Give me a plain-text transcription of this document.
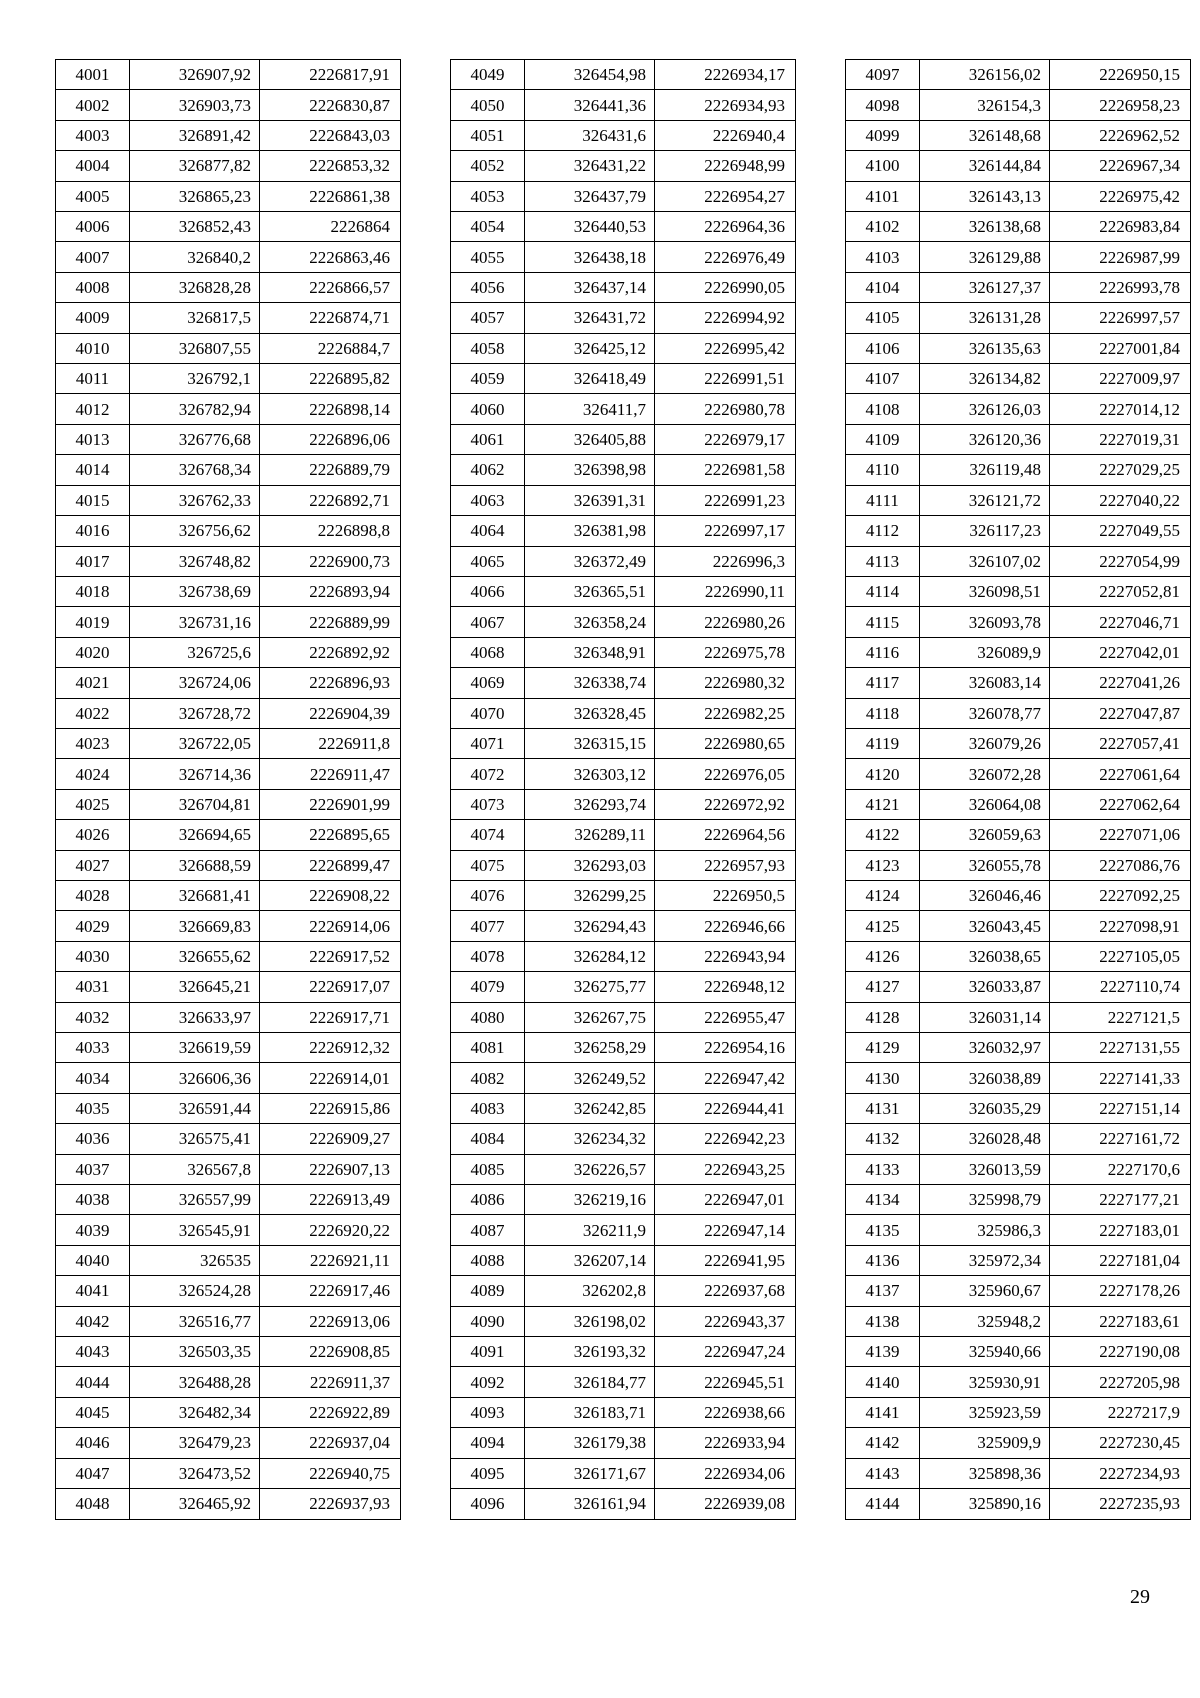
4001	326907,92	2226817,91
4002	326903,73	2226830,87
4003	326891,42	2226843,03
4004	326877,82	2226853,32
4005	326865,23	2226861,38
4006	326852,43	2226864
4007	326840,2	2226863,46
4008	326828,28	2226866,57
4009	326817,5	2226874,71
4010	326807,55	2226884,7
4011	326792,1	2226895,82
4012	326782,94	2226898,14
4013	326776,68	2226896,06
4014	326768,34	2226889,79
4015	326762,33	2226892,71
4016	326756,62	2226898,8
4017	326748,82	2226900,73
4018	326738,69	2226893,94
4019	326731,16	2226889,99
4020	326725,6	2226892,92
4021	326724,06	2226896,93
4022	326728,72	2226904,39
4023	326722,05	2226911,8
4024	326714,36	2226911,47
4025	326704,81	2226901,99
4026	326694,65	2226895,65
4027	326688,59	2226899,47
4028	326681,41	2226908,22
4029	326669,83	2226914,06
4030	326655,62	2226917,52
4031	326645,21	2226917,07
4032	326633,97	2226917,71
4033	326619,59	2226912,32
4034	326606,36	2226914,01
4035	326591,44	2226915,86
4036	326575,41	2226909,27
4037	326567,8	2226907,13
4038	326557,99	2226913,49
4039	326545,91	2226920,22
4040	326535	2226921,11
4041	326524,28	2226917,46
4042	326516,77	2226913,06
4043	326503,35	2226908,85
4044	326488,28	2226911,37
4045	326482,34	2226922,89
4046	326479,23	2226937,04
4047	326473,52	2226940,75
4048	326465,92	2226937,93
4049	326454,98	2226934,17
4050	326441,36	2226934,93
4051	326431,6	2226940,4
4052	326431,22	2226948,99
4053	326437,79	2226954,27
4054	326440,53	2226964,36
4055	326438,18	2226976,49
4056	326437,14	2226990,05
4057	326431,72	2226994,92
4058	326425,12	2226995,42
4059	326418,49	2226991,51
4060	326411,7	2226980,78
4061	326405,88	2226979,17
4062	326398,98	2226981,58
4063	326391,31	2226991,23
4064	326381,98	2226997,17
4065	326372,49	2226996,3
4066	326365,51	2226990,11
4067	326358,24	2226980,26
4068	326348,91	2226975,78
4069	326338,74	2226980,32
4070	326328,45	2226982,25
4071	326315,15	2226980,65
4072	326303,12	2226976,05
4073	326293,74	2226972,92
4074	326289,11	2226964,56
4075	326293,03	2226957,93
4076	326299,25	2226950,5
4077	326294,43	2226946,66
4078	326284,12	2226943,94
4079	326275,77	2226948,12
4080	326267,75	2226955,47
4081	326258,29	2226954,16
4082	326249,52	2226947,42
4083	326242,85	2226944,41
4084	326234,32	2226942,23
4085	326226,57	2226943,25
4086	326219,16	2226947,01
4087	326211,9	2226947,14
4088	326207,14	2226941,95
4089	326202,8	2226937,68
4090	326198,02	2226943,37
4091	326193,32	2226947,24
4092	326184,77	2226945,51
4093	326183,71	2226938,66
4094	326179,38	2226933,94
4095	326171,67	2226934,06
4096	326161,94	2226939,08
4097	326156,02	2226950,15
4098	326154,3	2226958,23
4099	326148,68	2226962,52
4100	326144,84	2226967,34
4101	326143,13	2226975,42
4102	326138,68	2226983,84
4103	326129,88	2226987,99
4104	326127,37	2226993,78
4105	326131,28	2226997,57
4106	326135,63	2227001,84
4107	326134,82	2227009,97
4108	326126,03	2227014,12
4109	326120,36	2227019,31
4110	326119,48	2227029,25
4111	326121,72	2227040,22
4112	326117,23	2227049,55
4113	326107,02	2227054,99
4114	326098,51	2227052,81
4115	326093,78	2227046,71
4116	326089,9	2227042,01
4117	326083,14	2227041,26
4118	326078,77	2227047,87
4119	326079,26	2227057,41
4120	326072,28	2227061,64
4121	326064,08	2227062,64
4122	326059,63	2227071,06
4123	326055,78	2227086,76
4124	326046,46	2227092,25
4125	326043,45	2227098,91
4126	326038,65	2227105,05
4127	326033,87	2227110,74
4128	326031,14	2227121,5
4129	326032,97	2227131,55
4130	326038,89	2227141,33
4131	326035,29	2227151,14
4132	326028,48	2227161,72
4133	326013,59	2227170,6
4134	325998,79	2227177,21
4135	325986,3	2227183,01
4136	325972,34	2227181,04
4137	325960,67	2227178,26
4138	325948,2	2227183,61
4139	325940,66	2227190,08
4140	325930,91	2227205,98
4141	325923,59	2227217,9
4142	325909,9	2227230,45
4143	325898,36	2227234,93
4144	325890,16	2227235,93
29
